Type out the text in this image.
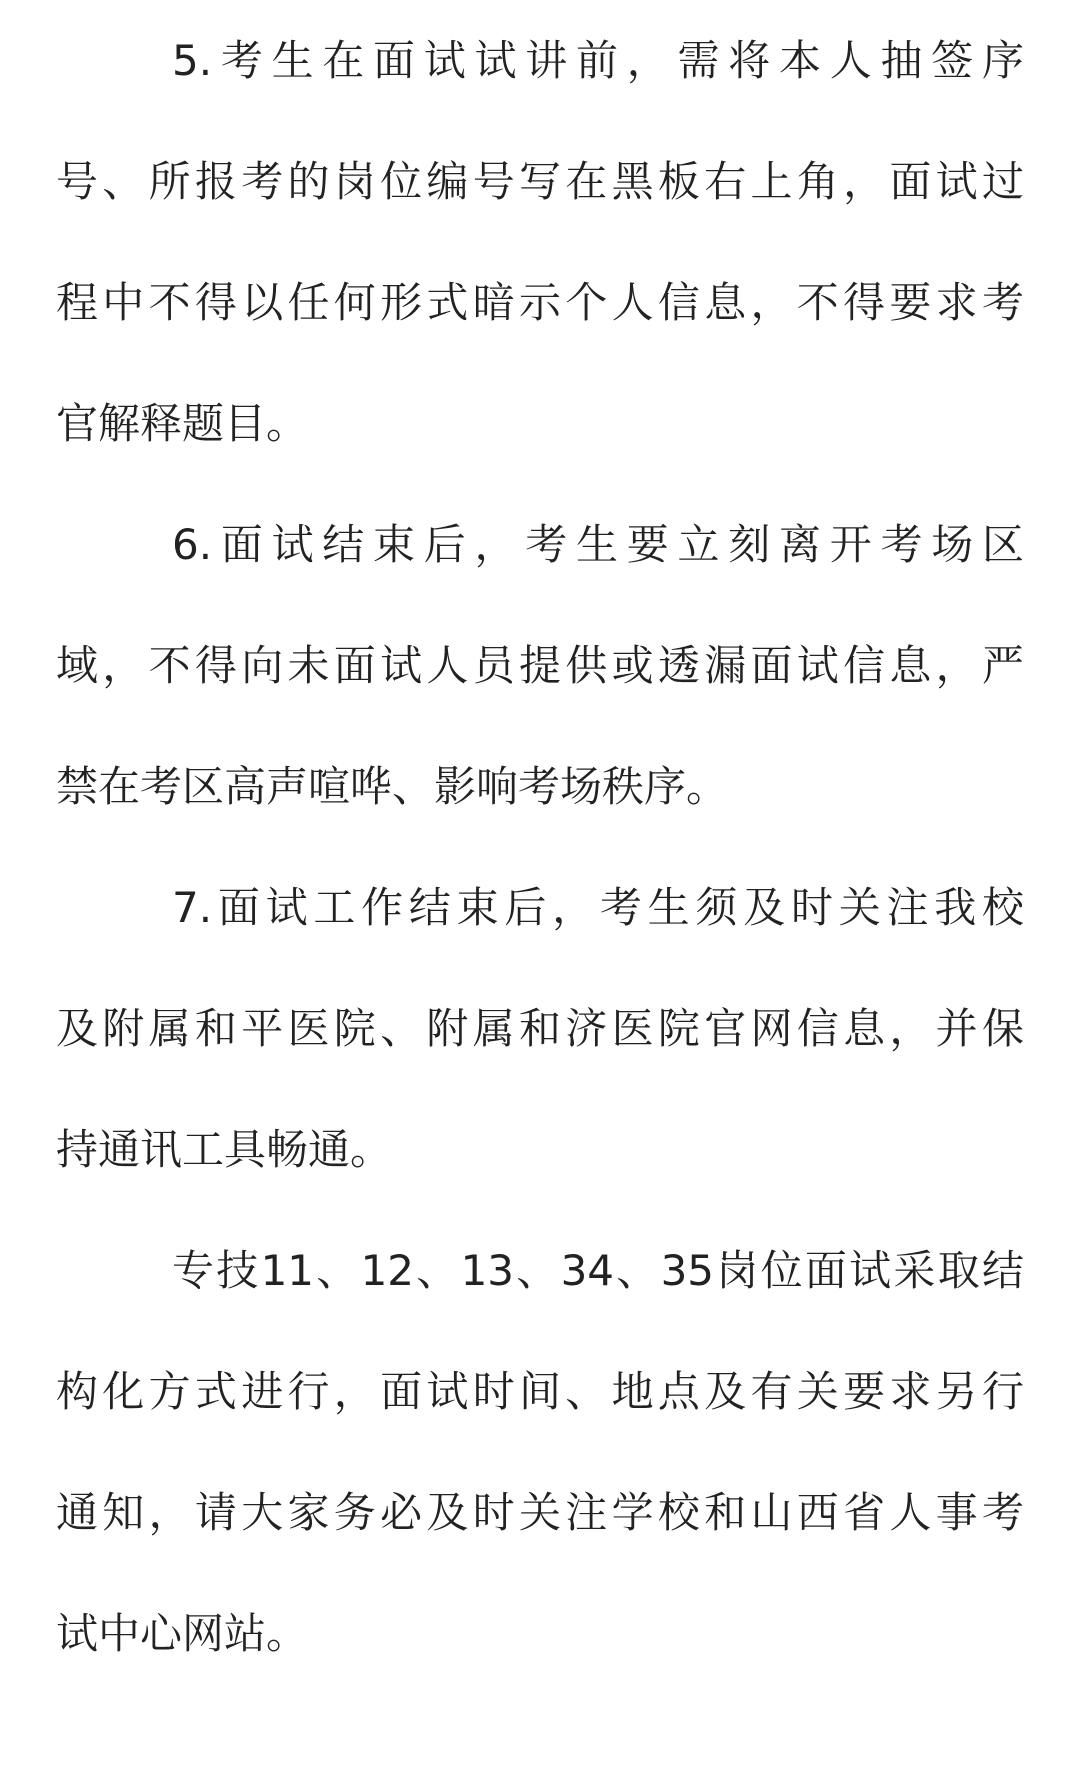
5.考生在面试试讲前，需将本人抽签序
号、所报考的岗位编号写在黑板右上角，面试过
程中不得以任何形式暗示个人信息，不得要求考
官解释题目。
6.面试结束后，考生要立刻离开考场区
域，不得向未面试人员提供或透漏面试信息，严
禁在考区高声喧哗、影响考场秩序。
7.面试工作结束后，考生须及时关注我校
及附属和平医院、附属和济医院官网信息，并保
持通讯工具畅通。
专技11、12、13、34、35岗位面试采取结
构化方式进行，面试时间、地点及有关要求另行
通知，请大家务必及时关注学校和山西省人事考
试中心网站。
